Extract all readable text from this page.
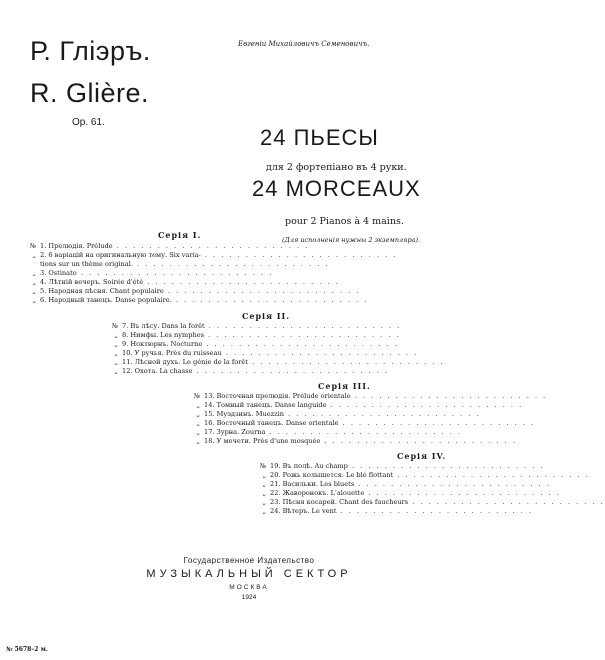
Р. Глiэръ.
R. Glière.
Op. 61.
Евгенiи Михайловичъ Семеновичъ.
24 ПЬЕСЫ
для 2 фортепiано въ 4 руки.
24 MORCEAUX
pour 2 Pianos à 4 mains.
(Для исполненiя нужны 2 экземпляра).
Серія I.
Серія II.
Серія III.
Серія IV.
№ 1. Прелюдія. Prélude . . . . . . . . . . . . . . . . . . . . . . . .
„ 2. 6 варіацій на оригинальную тему. Six varia- . . . . . . . . . . . . . . . . . . . . . . . .
tions sur un thème original. . . . . . . . . . . . . . . . . . . . . . . . .
„ 3. Ostinato . . . . . . . . . . . . . . . . . . . . . . . .
„ 4. Лѣтній вечеръ. Soirée d'été . . . . . . . . . . . . . . . . . . . . . . . .
„ 5. Народная пѣсня. Chant populaire . . . . . . . . . . . . . . . . . . . . . . . .
„ 6. Народный танецъ. Danse populaire. . . . . . . . . . . . . . . . . . . . . . . . .
№ 7. Въ лѣсу. Dans la forêt . . . . . . . . . . . . . . . . . . . . . . . .
„ 8. Нимфы. Les nymphes . . . . . . . . . . . . . . . . . . . . . . . .
„ 9. Ноктюрнъ. Nocturne . . . . . . . . . . . . . . . . . . . . . . . .
„ 10. У ручья. Près du ruisseau . . . . . . . . . . . . . . . . . . . . . . . .
„ 11. Лѣсной духъ. Le génie de la forêt . . . . . . . . . . . . . . . . . . . . . . . .
„ 12. Охота. La chasse . . . . . . . . . . . . . . . . . . . . . . . .
№ 13. Восточная прелюдія. Prélude orientale . . . . . . . . . . . . . . . . . . . . . . . .
„ 14. Томный танецъ. Danse languide . . . . . . . . . . . . . . . . . . . . . . . .
„ 15. Муэдзинъ. Muezzin . . . . . . . . . . . . . . . . . . . . . . . .
„ 16. Восточный танецъ. Danse orientale . . . . . . . . . . . . . . . . . . . . . . . .
„ 17. Зурна. Zourna . . . . . . . . . . . . . . . . . . . . . . . .
„ 18. У мечети. Près d'une mosquée . . . . . . . . . . . . . . . . . . . . . . . .
№ 19. Въ полѣ. Au champ . . . . . . . . . . . . . . . . . . . . . . . .
„ 20. Рожь колышется. Le blé flottant . . . . . . . . . . . . . . . . . . . . . . . .
„ 21. Васильки. Les bluets . . . . . . . . . . . . . . . . . . . . . . . .
„ 22. Жаворонокъ. L'alouette . . . . . . . . . . . . . . . . . . . . . . . .
„ 23. Пѣсня косарей. Chant des faucheurs . . . . . . . . . . . . . . . . . . . . . . . .
„ 24. Вѣтеръ. Le vent . . . . . . . . . . . . . . . . . . . . . . . .
Государственное Издательство
МУЗЫКАЛЬНЫЙ СЕКТОР
МОСКВА
1924
№ 5678–2 м.
